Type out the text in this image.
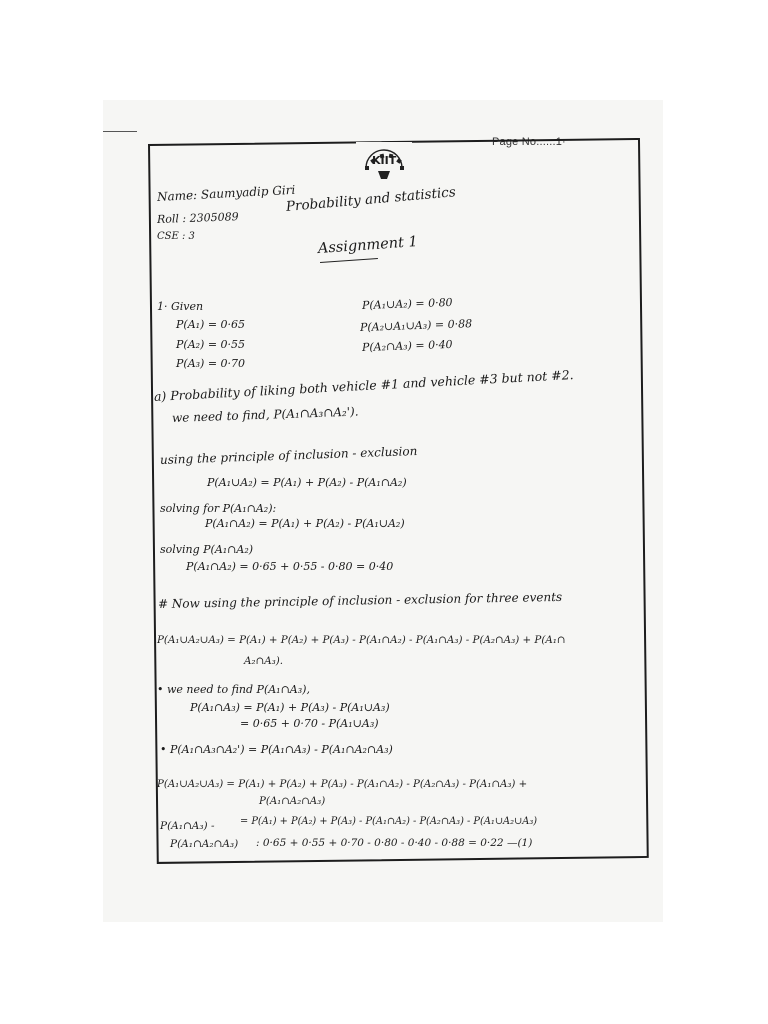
Page No......1·
KIIT
Name: Saumyadip Giri
Roll : 2305089
CSE : 3
Probability and statistics
Assignment 1
1· Given
P(A₁) = 0·65
P(A₂) = 0·55
P(A₃) = 0·70
P(A₁∪A₂) = 0·80
P(A₂∪A₁∪A₃) = 0·88
P(A₂∩A₃) = 0·40
a) Probability of liking both vehicle #1 and vehicle #3 but not #2.
we need to find, P(A₁∩A₃∩A₂').
using the principle of inclusion - exclusion
P(A₁∪A₂) = P(A₁) + P(A₂) - P(A₁∩A₂)
solving for P(A₁∩A₂):
P(A₁∩A₂) = P(A₁) + P(A₂) - P(A₁∪A₂)
solving P(A₁∩A₂)
P(A₁∩A₂) = 0·65 + 0·55 - 0·80 = 0·40
# Now using the principle of inclusion - exclusion for three events
P(A₁∪A₂∪A₃) = P(A₁) + P(A₂) + P(A₃) - P(A₁∩A₂) - P(A₁∩A₃) - P(A₂∩A₃) + P(A₁∩
A₂∩A₃).
• we need to find P(A₁∩A₃),
P(A₁∩A₃) = P(A₁) + P(A₃) - P(A₁∪A₃)
= 0·65 + 0·70 - P(A₁∪A₃)
• P(A₁∩A₃∩A₂') = P(A₁∩A₃) - P(A₁∩A₂∩A₃)
P(A₁∪A₂∪A₃) = P(A₁) + P(A₂) + P(A₃) - P(A₁∩A₂) - P(A₂∩A₃) - P(A₁∩A₃) +
P(A₁∩A₂∩A₃)
P(A₁∩A₃) -	= P(A₁) + P(A₂) + P(A₃) - P(A₁∩A₂) - P(A₂∩A₃) - P(A₁∪A₂∪A₃)
P(A₁∩A₂∩A₃) : 0·65 + 0·55 + 0·70 - 0·80 - 0·40 - 0·88 = 0·22 —(1)
